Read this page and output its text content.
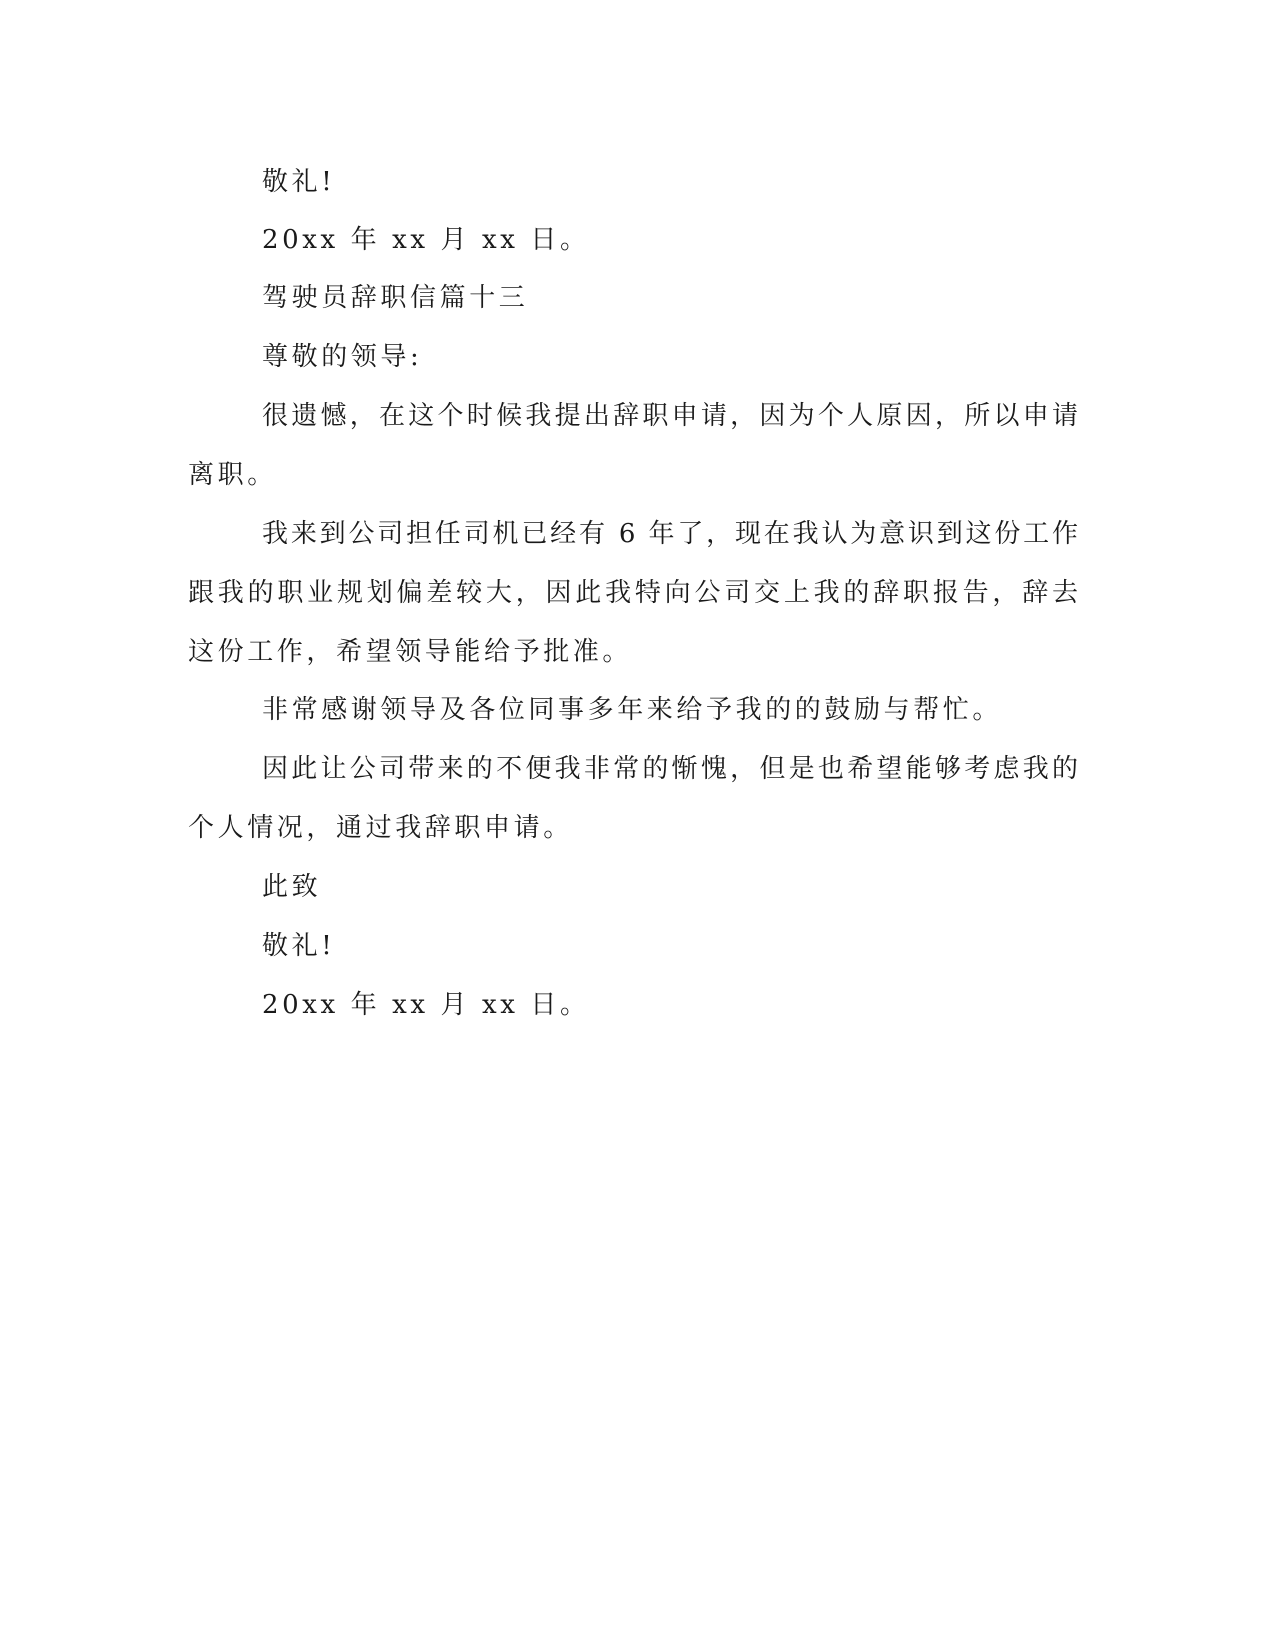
敬礼!

20xx 年 xx 月 xx 日。

驾驶员辞职信篇十三

尊敬的领导:

很遗憾，在这个时候我提出辞职申请，因为个人原因，所以申请

离职。

我来到公司担任司机已经有 6 年了，现在我认为意识到这份工作

跟我的职业规划偏差较大，因此我特向公司交上我的辞职报告，辞去

这份工作，希望领导能给予批准。

非常感谢领导及各位同事多年来给予我的的鼓励与帮忙。

因此让公司带来的不便我非常的惭愧，但是也希望能够考虑我的

个人情况，通过我辞职申请。

此致

敬礼!

20xx 年 xx 月 xx 日。
